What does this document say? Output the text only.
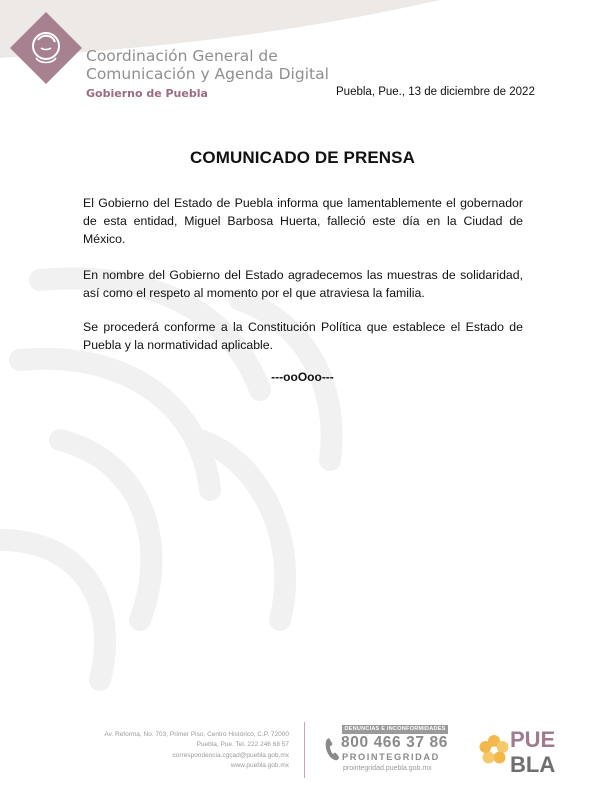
Coordinación General de
Comunicación y Agenda Digital
Gobierno de Puebla	Puebla, Pue., 13 de diciembre de 2022
COMUNICADO DE PRENSA

El Gobierno del Estado de Puebla informa que lamentablemente el gobernador de esta entidad, Miguel Barbosa Huerta, falleció este día en la Ciudad de México.

En nombre del Gobierno del Estado agradecemos las muestras de solidaridad, así como el respeto al momento por el que atraviesa la familia.

Se procederá conforme a la Constitución Política que establece el Estado de Puebla y la normatividad aplicable.

---ooOoo---
Av. Reforma, No. 703, Primer Piso, Centro Histórico, C.P. 72000
Puebla, Pue. Tel. 222 246 68 57
correspondencia.cgcad@puebla.gob.mx
www.puebla.gob.mx
DENUNCIAS E INCONFORMIDADES
800 466 37 86
PROINTEGRIDAD
prointegridad.puebla.gob.mx
PUE
BLA
